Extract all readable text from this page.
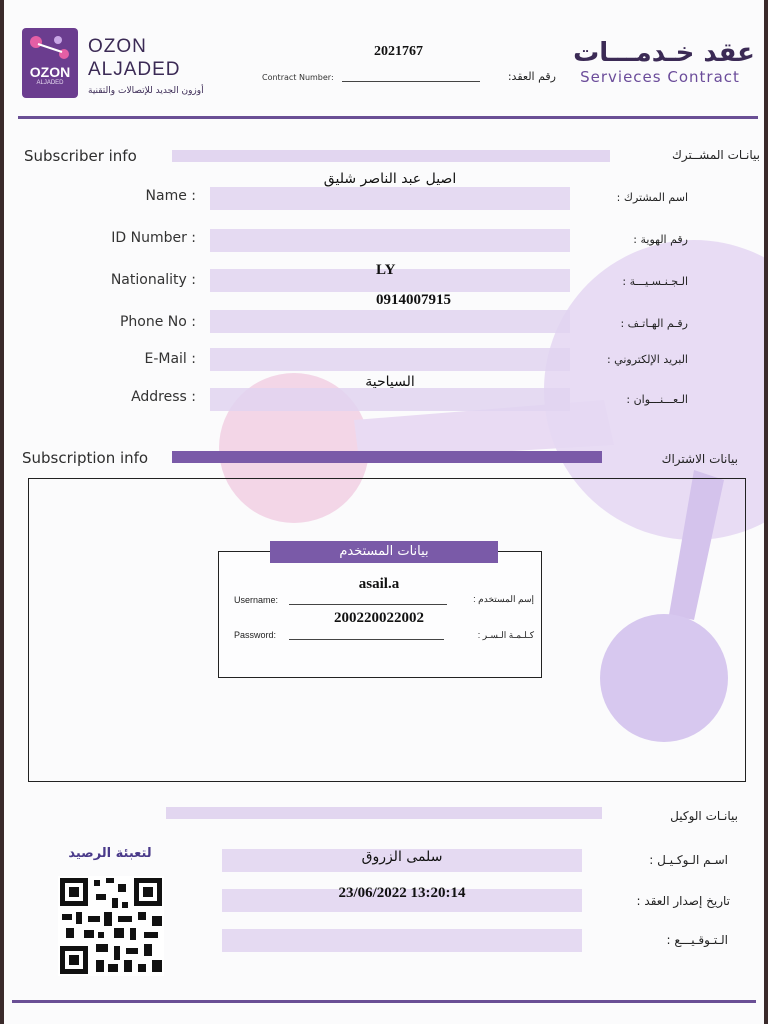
OZON
ALJADED
OZON
ALJADED
أوزون الجديد للإتصالات والتقنية
2021767
Contract Number:	رقم العقد:
عقد خـدمـــات
Servieces Contract
Subscriber info	بيانـات المشــترك
Name :
اصيل عبد الناصر شليق
اسم المشترك :
ID Number :	رقم الهوية :
Nationality :
LY
الـجـنـسـيـــة :
Phone No :
0914007915
رقـم الهـاتـف :
E-Mail :	البريد الإلكتروني :
Address :
السياحية
الـعـــنـــوان :
Subscription info	بيانات الاشتراك
بيانات المستخدم
asail.a
Username:	إسم المستخدم :
200220022002
Password:	كـلـمـة الـسـر :
بيانـات الوكيل
لتعبئة الرصيد	سلمى الزروق	اسـم الـوكـيـل :
23/06/2022 13:20:14	تاريخ إصدار العقد :
الـتـوقـيـــع :
